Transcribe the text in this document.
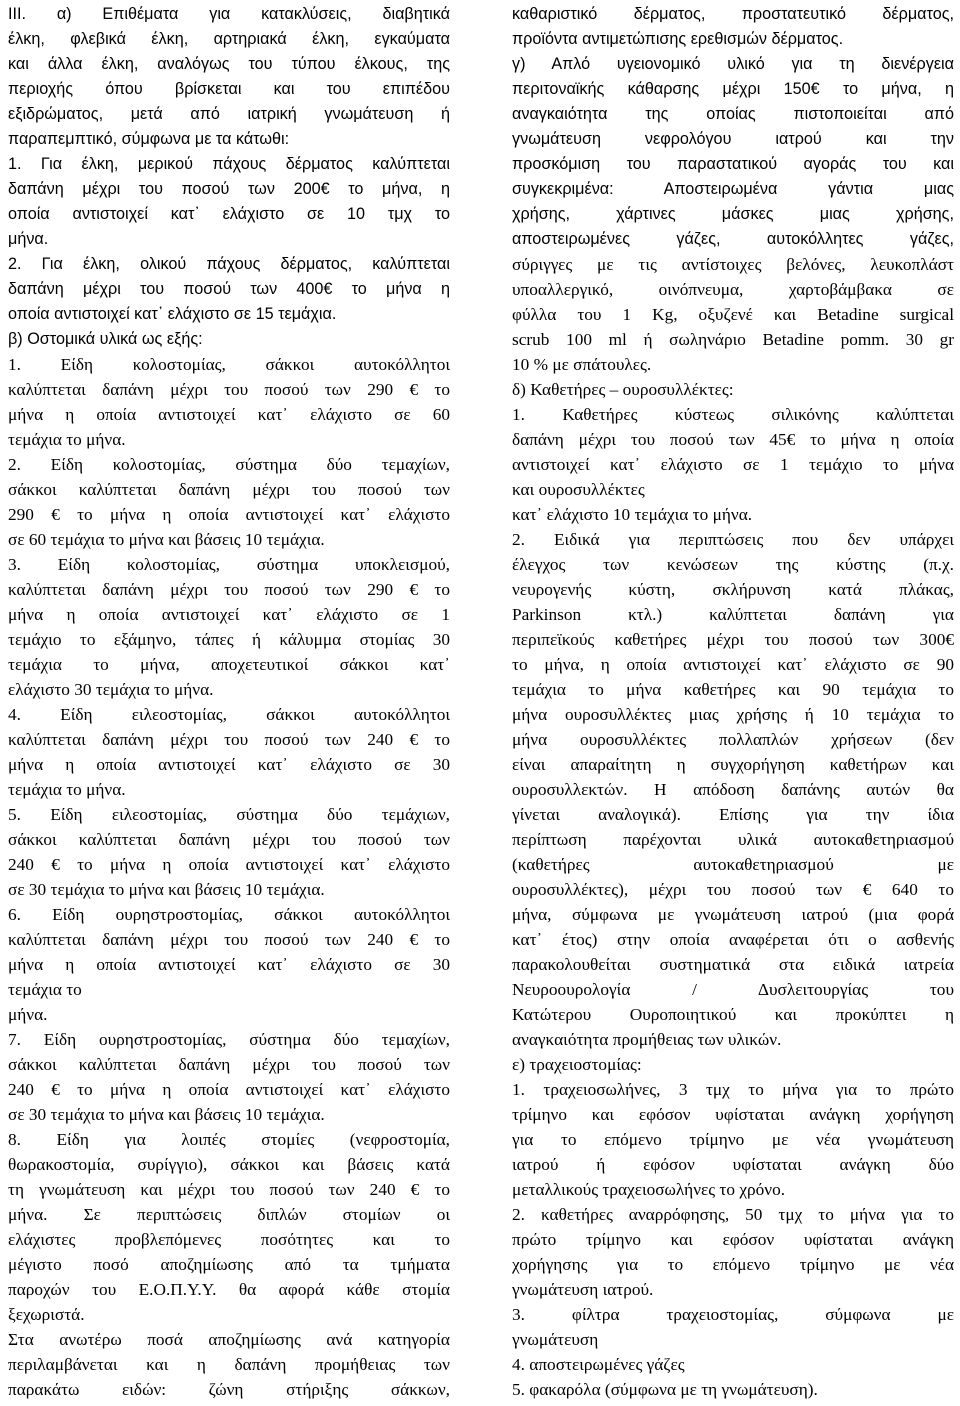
III. α) Επιθέματα για κατακλύσεις, διαβητικά
έλκη, φλεβικά έλκη, αρτηριακά έλκη, εγκαύματα
και άλλα έλκη, αναλόγως του τύπου έλκους, της
περιοχής όπου βρίσκεται και του επιπέδου
εξιδρώματος, μετά από ιατρική γνωμάτευση ή
παραπεμπτικό, σύμφωνα με τα κάτωθι:
1. Για έλκη, μερικού πάχους δέρματος καλύπτεται
δαπάνη μέχρι του ποσού των 200€ το μήνα, η
οποία αντιστοιχεί κατ᾽ ελάχιστο σε 10 τμχ το
μήνα.
2. Για έλκη, ολικού πάχους δέρματος, καλύπτεται
δαπάνη μέχρι του ποσού των 400€ το μήνα η
οποία αντιστοιχεί κατ᾽ ελάχιστο σε 15 τεμάχια.
β) Οστομικά υλικά ως εξής:
1. Είδη κολοστομίας, σάκκοι αυτοκόλλητοι
καλύπτεται δαπάνη μέχρι του ποσού των 290 € το
μήνα η οποία αντιστοιχεί κατ᾽ ελάχιστο σε 60
τεμάχια το μήνα.
2. Είδη κολοστομίας, σύστημα δύο τεμαχίων,
σάκκοι καλύπτεται δαπάνη μέχρι του ποσού των
290 € το μήνα η οποία αντιστοιχεί κατ᾽ ελάχιστο
σε 60 τεμάχια το μήνα και βάσεις 10 τεμάχια.
3. Είδη κολοστομίας, σύστημα υποκλεισμού,
καλύπτεται δαπάνη μέχρι του ποσού των 290 € το
μήνα η οποία αντιστοιχεί κατ᾽ ελάχιστο σε 1
τεμάχιο το εξάμηνο, τάπες ή κάλυμμα στομίας 30
τεμάχια το μήνα, αποχετευτικοί σάκκοι κατ᾽
ελάχιστο 30 τεμάχια το μήνα.
4. Είδη ειλεοστομίας, σάκκοι αυτοκόλλητοι
καλύπτεται δαπάνη μέχρι του ποσού των 240 € το
μήνα η οποία αντιστοιχεί κατ᾽ ελάχιστο σε 30
τεμάχια το μήνα.
5. Είδη ειλεοστομίας, σύστημα δύο τεμάχιων,
σάκκοι καλύπτεται δαπάνη μέχρι του ποσού των
240 € το μήνα η οποία αντιστοιχεί κατ᾽ ελάχιστο
σε 30 τεμάχια το μήνα και βάσεις 10 τεμάχια.
6. Είδη ουρηστροστομίας, σάκκοι αυτοκόλλητοι
καλύπτεται δαπάνη μέχρι του ποσού των 240 € το
μήνα η οποία αντιστοιχεί κατ᾽ ελάχιστο σε 30
τεμάχια το
μήνα.
7. Είδη ουρηστροστομίας, σύστημα δύο τεμαχίων,
σάκκοι καλύπτεται δαπάνη μέχρι του ποσού των
240 € το μήνα η οποία αντιστοιχεί κατ᾽ ελάχιστο
σε 30 τεμάχια το μήνα και βάσεις 10 τεμάχια.
8. Είδη για λοιπές στομίες (νεφροστομία,
θωρακοστομία, συρίγγιο), σάκκοι και βάσεις κατά
τη γνωμάτευση και μέχρι του ποσού των 240 € το
μήνα. Σε περιπτώσεις διπλών στομίων οι
ελάχιστες προβλεπόμενες ποσότητες και το
μέγιστο ποσό αποζημίωσης από τα τμήματα
παροχών του Ε.Ο.Π.Υ.Υ. θα αφορά κάθε στομία
ξεχωριστά.
Στα ανωτέρω ποσά αποζημίωσης ανά κατηγορία
περιλαμβάνεται και η δαπάνη προμήθειας των
παρακάτω ειδών: ζώνη στήριξης σάκκων,
καθαριστικό δέρματος, προστατευτικό δέρματος,
προϊόντα αντιμετώπισης ερεθισμών δέρματος.
γ) Απλό υγειονομικό υλικό για τη διενέργεια
περιτοναϊκής κάθαρσης μέχρι 150€ το μήνα, η
αναγκαιότητα της οποίας πιστοποιείται από
γνωμάτευση νεφρολόγου ιατρού και την
προσκόμιση του παραστατικού αγοράς του και
συγκεκριμένα: Αποστειρωμένα γάντια μιας
χρήσης, χάρτινες μάσκες μιας χρήσης,
αποστειρωμένες γάζες, αυτοκόλλητες γάζες,
σύριγγες με τις αντίστοιχες βελόνες, λευκοπλάστ
υποαλλεργικό, οινόπνευμα, χαρτοβάμβακα σε
φύλλα του 1 Kg, οξυζενέ και Betadine surgical
scrub 100 ml ή σωληνάριο Betadine pomm. 30 gr
10 % με σπάτουλες.
δ) Καθετήρες – ουροσυλλέκτες:
1. Καθετήρες κύστεως σιλικόνης καλύπτεται
δαπάνη μέχρι του ποσού των 45€ το μήνα η οποία
αντιστοιχεί κατ᾽ ελάχιστο σε 1 τεμάχιο το μήνα
και ουροσυλλέκτες
κατ᾽ ελάχιστο 10 τεμάχια το μήνα.
2. Ειδικά για περιπτώσεις που δεν υπάρχει
έλεγχος των κενώσεων της κύστης (π.χ.
νευρογενής κύστη, σκλήρυνση κατά πλάκας,
Parkinson κτλ.) καλύπτεται δαπάνη για
περιπεϊκούς καθετήρες μέχρι του ποσού των 300€
το μήνα, η οποία αντιστοιχεί κατ᾽ ελάχιστο σε 90
τεμάχια το μήνα καθετήρες και 90 τεμάχια το
μήνα ουροσυλλέκτες μιας χρήσης ή 10 τεμάχια το
μήνα ουροσυλλέκτες πολλαπλών χρήσεων (δεν
είναι απαραίτητη η συγχορήγηση καθετήρων και
ουροσυλλεκτών. Η απόδοση δαπάνης αυτών θα
γίνεται αναλογικά). Επίσης για την ίδια
περίπτωση παρέχονται υλικά αυτοκαθετηριασμού
(καθετήρες αυτοκαθετηριασμού με
ουροσυλλέκτες), μέχρι του ποσού των € 640 το
μήνα, σύμφωνα με γνωμάτευση ιατρού (μια φορά
κατ᾽ έτος) στην οποία αναφέρεται ότι ο ασθενής
παρακολουθείται συστηματικά στα ειδικά ιατρεία
Νευροουρολογία / Δυσλειτουργίας του
Κατώτερου Ουροποιητικού και προκύπτει η
αναγκαιότητα προμήθειας των υλικών.
ε) τραχειοστομίας:
1. τραχειοσωλήνες, 3 τμχ το μήνα για το πρώτο
τρίμηνο και εφόσον υφίσταται ανάγκη χορήγηση
για το επόμενο τρίμηνο με νέα γνωμάτευση
ιατρού ή εφόσον υφίσταται ανάγκη δύο
μεταλλικούς τραχειοσωλήνες το χρόνο.
2. καθετήρες αναρρόφησης, 50 τμχ το μήνα για το
πρώτο τρίμηνο και εφόσον υφίσταται ανάγκη
χορήγησης για το επόμενο τρίμηνο με νέα
γνωμάτευση ιατρού.
3. φίλτρα τραχειοστομίας, σύμφωνα με
γνωμάτευση
4. αποστειρωμένες γάζες
5. φακαρόλα (σύμφωνα με τη γνωμάτευση).
